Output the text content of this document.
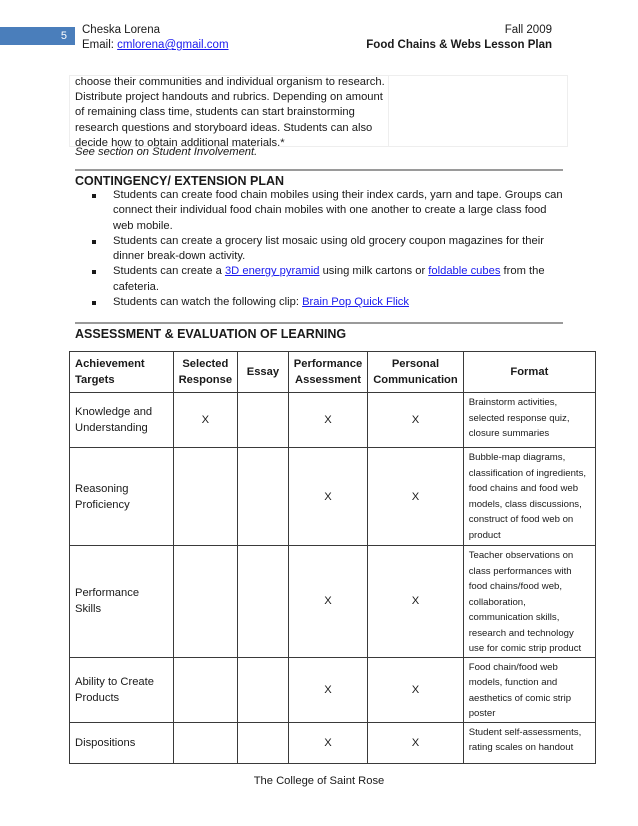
5	Cheska Lorena
Email: cmlorena@gmail.com
Fall 2009
Food Chains & Webs Lesson Plan
choose their communities and individual organism to research. Distribute project handouts and rubrics. Depending on amount of remaining class time, students can start brainstorming research questions and storyboard ideas. Students can also decide how to obtain additional materials.*
See section on Student Involvement.
CONTINGENCY/ EXTENSION PLAN
Students can create food chain mobiles using their index cards, yarn and tape. Groups can connect their individual food chain mobiles with one another to create a large class food web mobile.
Students can create a grocery list mosaic using old grocery coupon magazines for their dinner break-down activity.
Students can create a 3D energy pyramid using milk cartons or foldable cubes from the cafeteria.
Students can watch the following clip: Brain Pop Quick Flick
ASSESSMENT & EVALUATION OF LEARNING
Achievement Targets	Selected Response	Essay	Performance Assessment	Personal Communication	Format
Knowledge and Understanding	X		X	X	Brainstorm activities, selected response quiz, closure summaries
Reasoning Proficiency			X	X	Bubble-map diagrams, classification of ingredients, food chains and food web models, class discussions, construct of food web on product
Performance Skills			X	X	Teacher observations on class performances with food chains/food web, collaboration, communication skills, research and technology use for comic strip product
Ability to Create Products			X	X	Food chain/food web models, function and aesthetics of comic strip poster
Dispositions			X	X	Student self-assessments, rating scales on handout
The College of Saint Rose
